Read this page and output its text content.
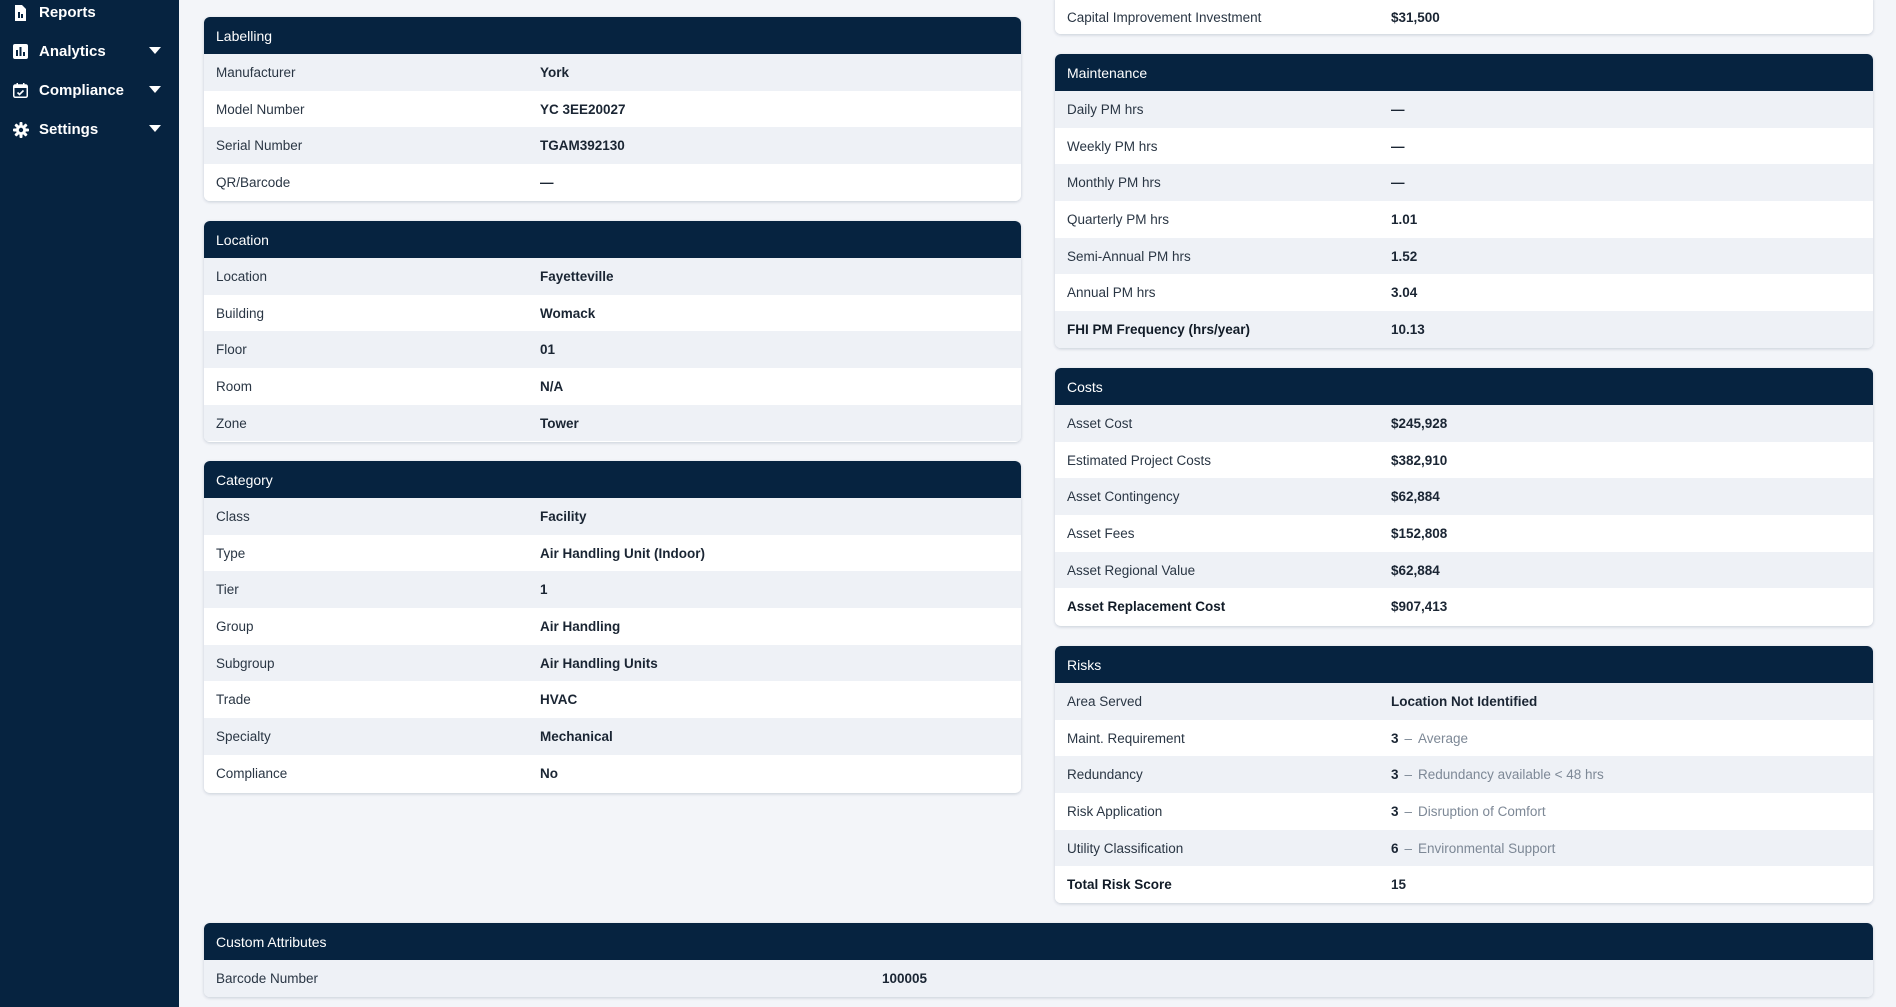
Reports
Analytics
Compliance
Settings
Capital Improvement Investment	$31,500
Labelling
Manufacturer	York
Model Number	YC 3EE20027
Serial Number	TGAM392130
QR/Barcode	—
Location
Location	Fayetteville
Building	Womack
Floor	01
Room	N/A
Zone	Tower
Category
Class	Facility
Type	Air Handling Unit (Indoor)
Tier	1
Group	Air Handling
Subgroup	Air Handling Units
Trade	HVAC
Specialty	Mechanical
Compliance	No
Maintenance
Daily PM hrs	—
Weekly PM hrs	—
Monthly PM hrs	—
Quarterly PM hrs	1.01
Semi-Annual PM hrs	1.52
Annual PM hrs	3.04
FHI PM Frequency (hrs/year)	10.13
Costs
Asset Cost	$245,928
Estimated Project Costs	$382,910
Asset Contingency	$62,884
Asset Fees	$152,808
Asset Regional Value	$62,884
Asset Replacement Cost	$907,413
Risks
Area Served	Location Not Identified
Maint. Requirement	3 – Average
Redundancy	3 – Redundancy available < 48 hrs
Risk Application	3 – Disruption of Comfort
Utility Classification	6 – Environmental Support
Total Risk Score	15
Custom Attributes
Barcode Number	100005
